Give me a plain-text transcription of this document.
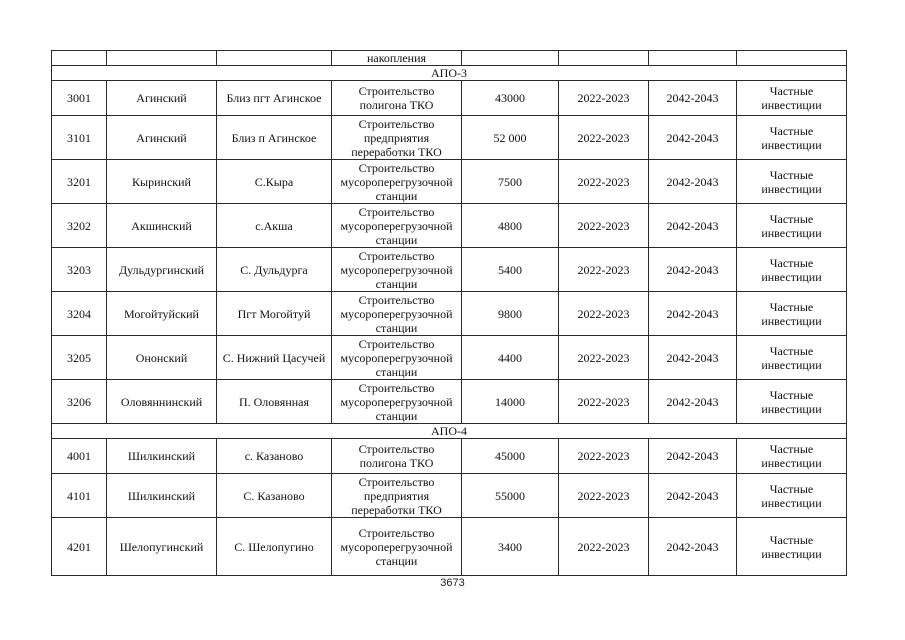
			накопления				
АПО-3							
3001	Агинский	Близ пгт Агинское	Строительство полигона ТКО	43000	2022-2023	2042-2043	Частные инвестиции
3101	Агинский	Близ п Агинское	Строительство предприятия переработки ТКО	52 000	2022-2023	2042-2043	Частные инвестиции
3201	Кыринский	С.Кыра	Строительство мусороперегрузочной станции	7500	2022-2023	2042-2043	Частные инвестиции
3202	Акшинский	с.Акша	Строительство мусороперегрузочной станции	4800	2022-2023	2042-2043	Частные инвестиции
3203	Дульдургинский	С. Дульдурга	Строительство мусороперегрузочной станции	5400	2022-2023	2042-2043	Частные инвестиции
3204	Могойтуйский	Пгт Могойтуй	Строительство мусороперегрузочной станции	9800	2022-2023	2042-2043	Частные инвестиции
3205	Ононский	С. Нижний Цасучей	Строительство мусороперегрузочной станции	4400	2022-2023	2042-2043	Частные инвестиции
3206	Оловяннинский	П. Оловянная	Строительство мусороперегрузочной станции	14000	2022-2023	2042-2043	Частные инвестиции
АПО-4							
4001	Шилкинский	с. Казаново	Строительство полигона ТКО	45000	2022-2023	2042-2043	Частные инвестиции
4101	Шилкинский	С. Казаново	Строительство предприятия переработки ТКО	55000	2022-2023	2042-2043	Частные инвестиции
4201	Шелопугинский	С. Шелопугино	Строительство мусороперегрузочной станции	3400	2022-2023	2042-2043	Частные инвестиции
3673
